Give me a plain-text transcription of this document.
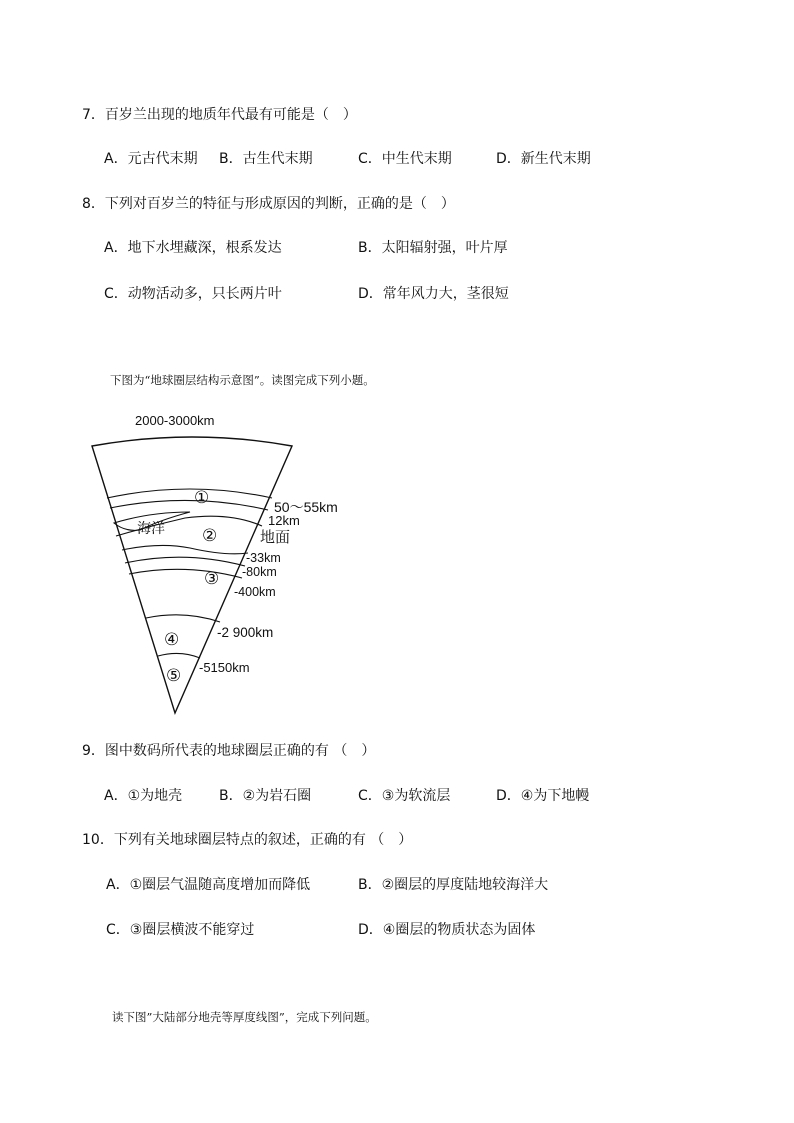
7．百岁兰出现的地质年代最有可能是（　）
A．元古代末期 B．古生代末期	C．中生代末期	D．新生代末期
8．下列对百岁兰的特征与形成原因的判断，正确的是（　）
A．地下水埋藏深，根系发达	B．太阳辐射强，叶片厚
C．动物活动多，只长两片叶	D．常年风力大，茎很短
下图为“地球圈层结构示意图”。读图完成下列小题。
2000-3000km
海洋
①
②
③
④
⑤
50～55km
12km
地面
-33km
-80km
-400km
-2 900km
-5150km
9．图中数码所代表的地球圈层正确的有 （　）
A．①为地壳	B．②为岩石圈	C．③为软流层	D．④为下地幔
10．下列有关地球圈层特点的叙述，正确的有 （　）
A．①圈层气温随高度增加而降低	B．②圈层的厚度陆地较海洋大
C．③圈层横波不能穿过	D．④圈层的物质状态为固体
读下图”大陆部分地壳等厚度线图”，完成下列问题。
